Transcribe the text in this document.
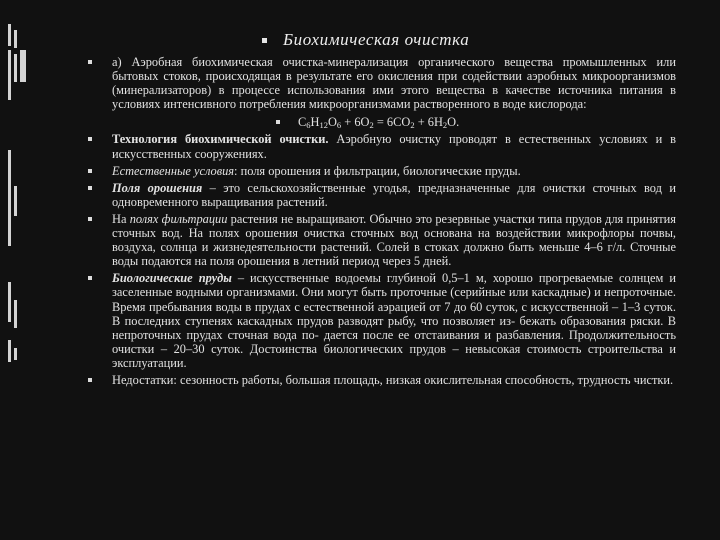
Биохимическая очистка

а) Аэробная биохимическая очистка-минерализация органического вещества промышленных или бытовых стоков, происходящая в результате его окисления при содействии аэробных микроорганизмов (минерализаторов) в процессе использования ими этого вещества в качестве источника питания в условиях интенсивного потребления микроорганизмами растворенного в воде кислорода:

$C_6H_{12}O_6 + 6O_2 = 6CO_2 + 6H_2O$.

Технология биохимической очистки. Аэробную очистку проводят в естественных условиях и в искусственных сооружениях.

Естественные условия: поля орошения и фильтрации, биологические пруды.

Поля орошения – это сельскохозяйственные угодья, предназначенные для очистки сточных вод и одновременного выращивания растений.

На полях фильтрации растения не выращивают. Обычно это резервные участки типа прудов для принятия сточных вод. На полях орошения очистка сточных вод основана на воздействии микрофлоры почвы, воздуха, солнца и жизнедеятельности растений. Солей в стоках должно быть меньше 4–6 г/л. Сточные воды подаются на поля орошения в летний период через 5 дней.

Биологические пруды – искусственные водоемы глубиной 0,5–1 м, хорошо прогреваемые солнцем и заселенные водными организмами. Они могут быть проточные (серийные или каскадные) и непроточные. Время пребывания воды в прудах с естественной аэрацией от 7 до 60 суток, с искусственной – 1–3 суток. В последних ступенях каскадных прудов разводят рыбу, что позволяет из- бежать образования ряски. В непроточных прудах сточная вода по- дается после ее отстаивания и разбавления. Продолжительность очистки – 20–30 суток. Достоинства биологических прудов – невысокая стоимость строительства и эксплуатации.

Недостатки: сезонность работы, большая площадь, низкая окислительная способность, трудность чистки.
